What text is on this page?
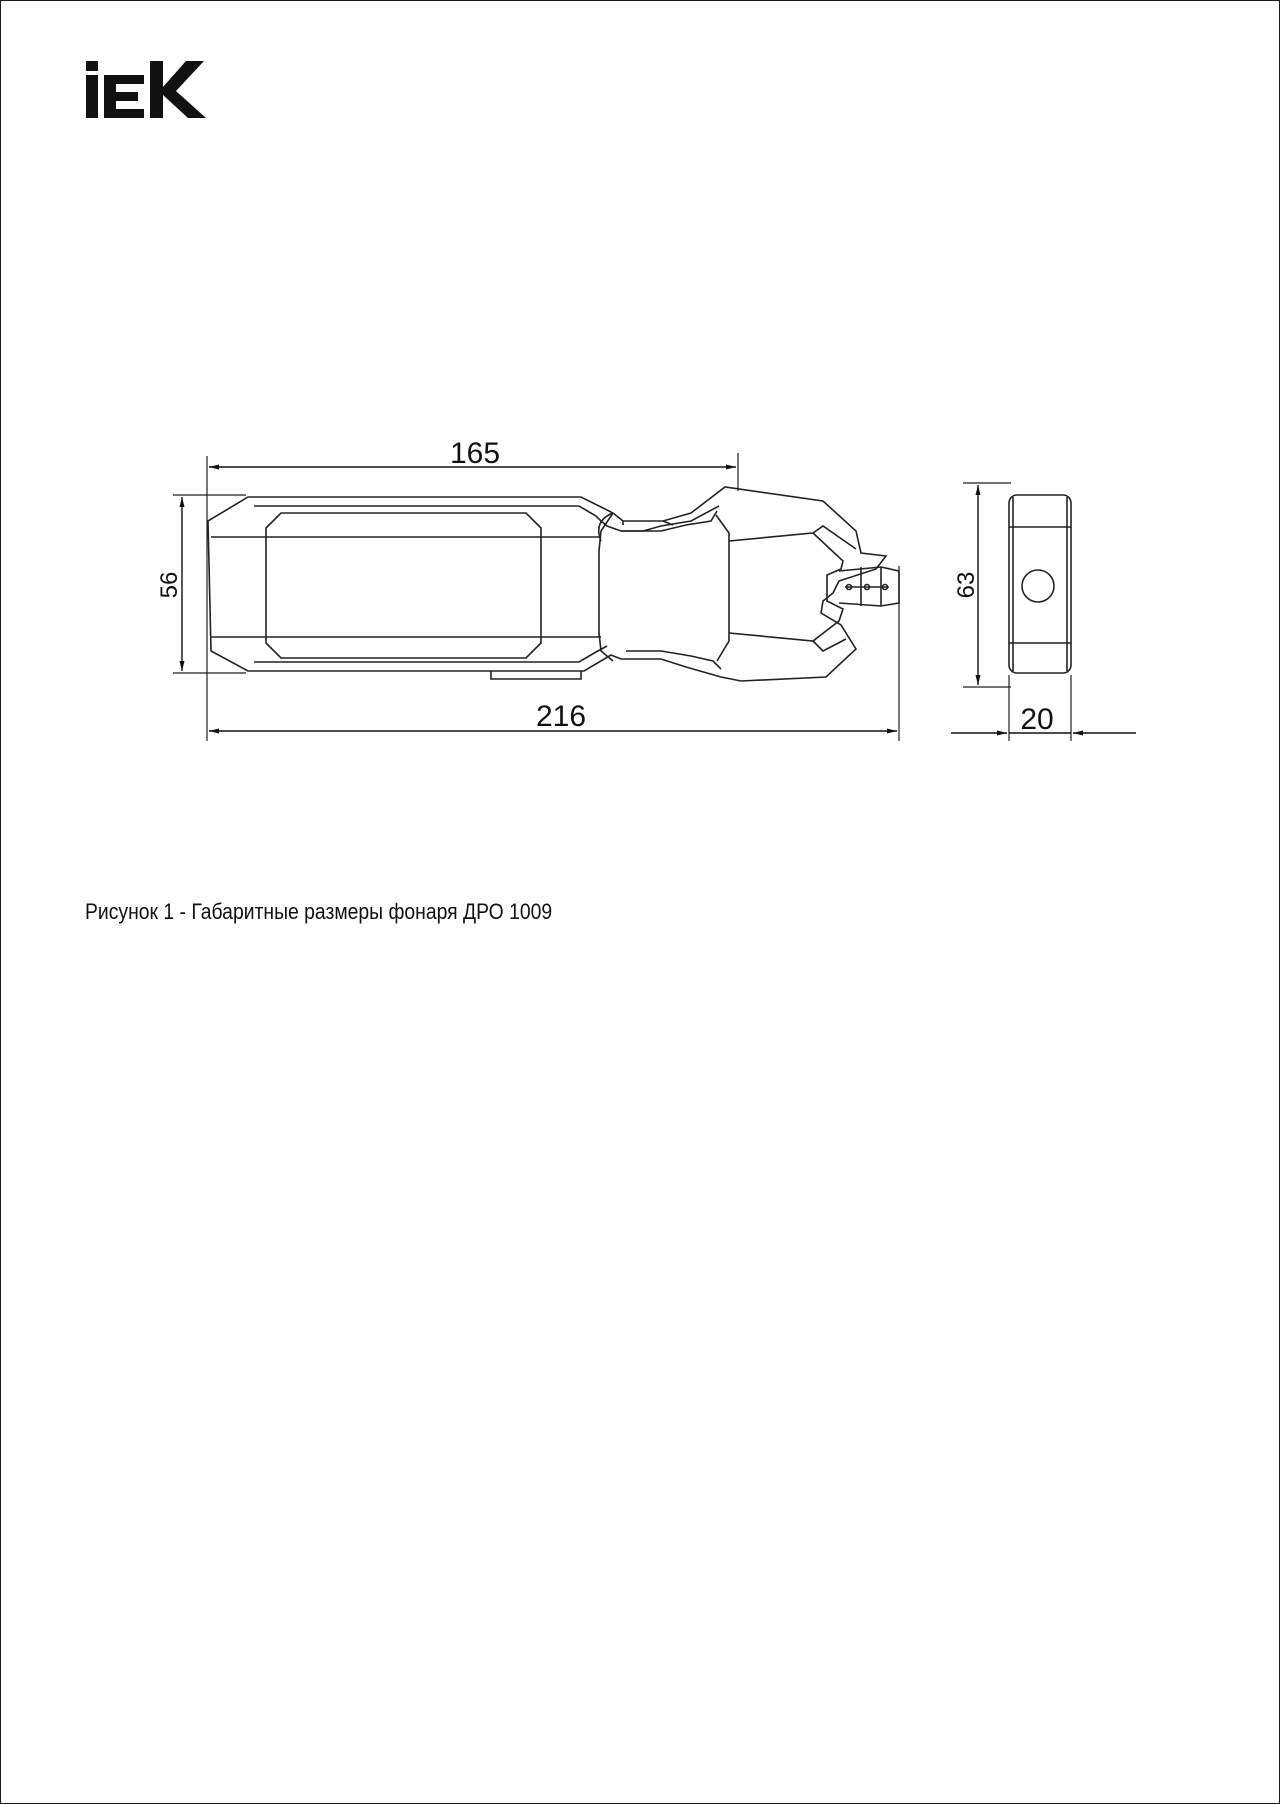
165
216
56	63
20
Рисунок 1 - Габаритные размеры фонаря ДРО 1009
